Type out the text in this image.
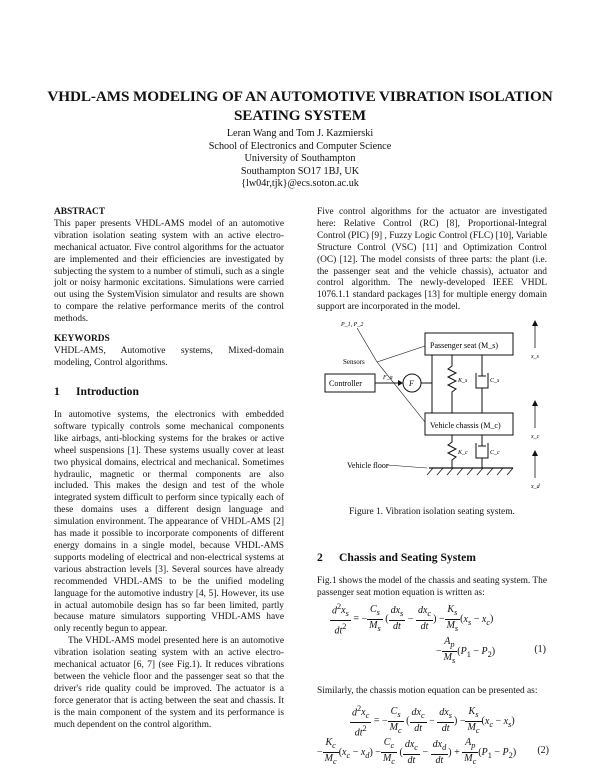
VHDL-AMS MODELING OF AN AUTOMOTIVE VIBRATION ISOLATION
SEATING SYSTEM
Leran Wang and Tom J. Kazmierski
School of Electronics and Computer Science
University of Southampton
Southampton SO17 1BJ, UK
{lw04r,tjk}@ecs.soton.ac.uk
ABSTRACT

This paper presents VHDL-AMS model of an automotive vibration isolation seating system with an active electro-mechanical actuator. Five control algorithms for the actuator are implemented and their efficiencies are investigated by subjecting the system to a number of stimuli, such as a single jolt or noisy harmonic excitations. Simulations were carried out using the SystemVision simulator and results are shown to compare the relative performance merits of the control methods.

KEYWORDS

VHDL-AMS, Automotive systems, Mixed-domain modeling, Control algorithms.

1 Introduction

In automotive systems, the electronics with embedded software typically controls some mechanical components like airbags, anti-blocking systems for the brakes or active wheel suspensions [1]. These systems usually cover at least two physical domains, electrical and mechanical. Sometimes hydraulic, magnetic or thermal components are also included. This makes the design and test of the whole integrated system difficult to perform since typically each of these domains uses a different design language and simulation environment. The appearance of VHDL-AMS [2] has made it possible to incorporate components of different energy domains in a single model, because VHDL-AMS supports modeling of electrical and non-electrical systems at various abstraction levels [3]. Several sources have already recommended VHDL-AMS to be the unified modeling language for the automotive industry [4, 5]. However, its use in actual automobile design has so far been limited, partly because mature simulators supporting VHDL-AMS have only recently begun to appear.

The VHDL-AMS model presented here is an automotive vibration isolation seating system with an active electro-mechanical actuator [6, 7] (see Fig.1). It reduces vibrations between the vehicle floor and the passenger seat so that the driver's ride quality could be improved. The actuator is a force generator that is acting between the seat and chassis. It is the main component of the system and its performance is much dependent on the control algorithm.

Five control algorithms for the actuator are investigated here: Relative Control (RC) [8], Proportional-Integral Control (PIC) [9] , Fuzzy Logic Control (FLC) [10], Variable Structure Control (VSC) [11] and Optimization Control (OC) [12]. The model consists of three parts: the plant (i.e. the passenger seat and the vehicle chassis), actuator and control algorithm. The newly-developed IEEE VHDL 1076.1.1 standard packages [13] for multiple energy domain support are incorporated in the model.

Passenger seat (M_s)
Vehicle chassis (M_c)
Controller	F
F_a	K_s	C_s
K_c	C_c
Vehicle floor
Sensors
P_1, P_2
x_s
x_c
x_d
Figure 1. Vibration isolation seating system.
2 Chassis and Seating System

Fig.1 shows the model of the chassis and seating system. The passenger seat motion equation is written as:

$\frac{d^2x_s}{dt^2}$ = − $\frac{C_s}{M_s}$ ( $\frac{dx_s}{dt} - \frac{dx_c}{dt}$ ) − $\frac{K_s}{M_s} (x_s - x_c)$
− $\frac{A_p}{M_s} (P_1 - P_2)$	(1)

Similarly, the chassis motion equation can be presented as:

$\frac{d^2x_c}{dt^2}$ = − $\frac{C_s}{M_c}$ ( $\frac{dx_c}{dt} - \frac{dx_s}{dt}$ ) − $\frac{K_s}{M_c} (x_c - x_s)$
− $\frac{K_c}{M_c} (x_c - x_d) - \frac{C_c}{M_c}$ ( $\frac{dx_c}{dt} - \frac{dx_d}{dt}$ ) + $\frac{A_p}{M_c} (P_1 - P_2)$ (2)
